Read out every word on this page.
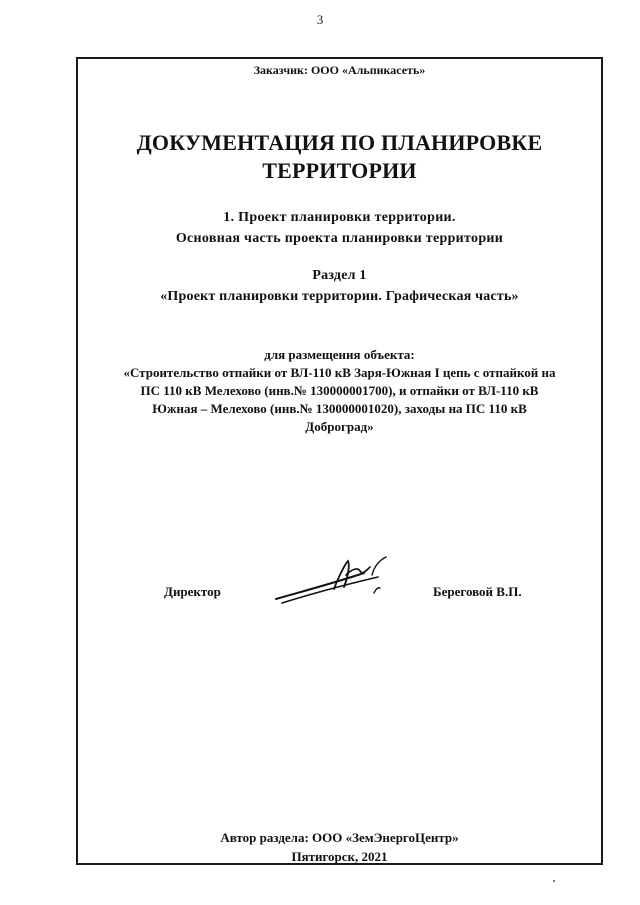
3
Заказчик: ООО «Альпикасеть»
ДОКУМЕНТАЦИЯ ПО ПЛАНИРОВКЕ
ТЕРРИТОРИИ
1. Проект планировки территории.
Основная часть проекта планировки территории
Раздел 1
«Проект планировки территории. Графическая часть»
для размещения объекта:
«Строительство отпайки от ВЛ-110 кВ Заря-Южная I цепь с отпайкой на
ПС 110 кВ Мелехово (инв.№ 130000001700), и отпайки от ВЛ-110 кВ
Южная – Мелехово (инв.№ 130000001020), заходы на ПС 110 кВ
Доброград»
Директор	Береговой В.П.
Автор раздела: ООО «ЗемЭнергоЦентр»
Пятигорск, 2021
